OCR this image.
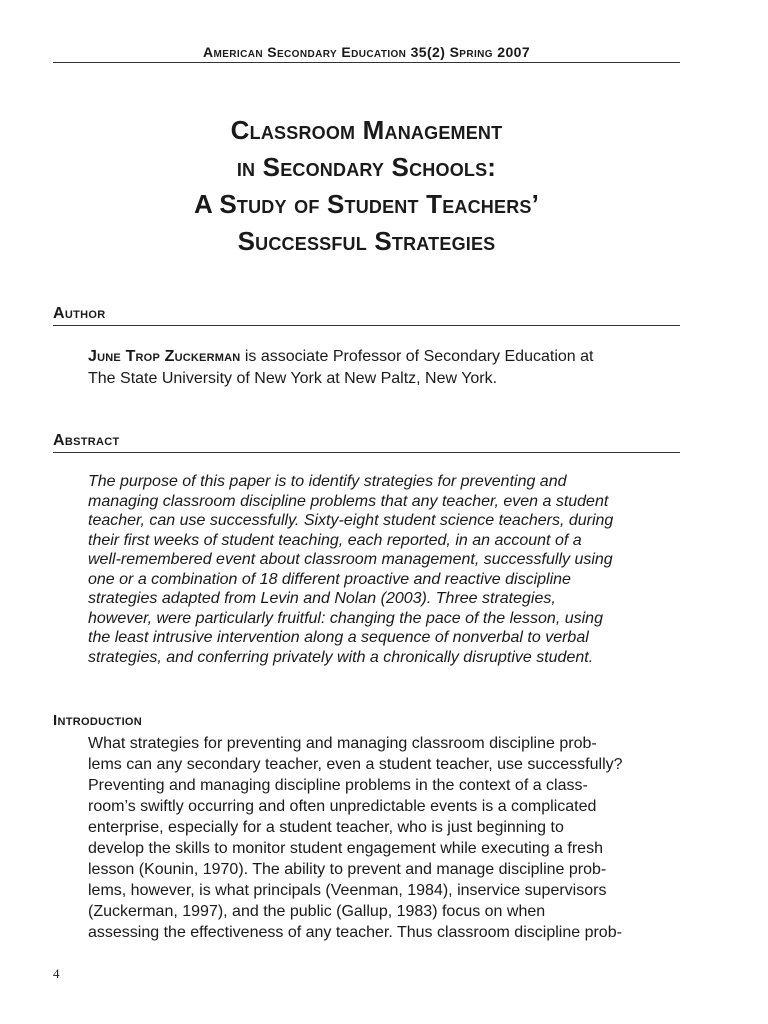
American Secondary Education 35(2) Spring 2007
Classroom Management
in Secondary Schools:
A Study of Student Teachers’
Successful Strategies
Author
June Trop Zuckerman is associate Professor of Secondary Education at
The State University of New York at New Paltz, New York.
Abstract
The purpose of this paper is to identify strategies for preventing and
managing classroom discipline problems that any teacher, even a student
teacher, can use successfully. Sixty-eight student science teachers, during
their first weeks of student teaching, each reported, in an account of a
well-remembered event about classroom management, successfully using
one or a combination of 18 different proactive and reactive discipline
strategies adapted from Levin and Nolan (2003). Three strategies,
however, were particularly fruitful: changing the pace of the lesson, using
the least intrusive intervention along a sequence of nonverbal to verbal
strategies, and conferring privately with a chronically disruptive student.
Introduction
What strategies for preventing and managing classroom discipline prob-
lems can any secondary teacher, even a student teacher, use successfully?
Preventing and managing discipline problems in the context of a class-
room’s swiftly occurring and often unpredictable events is a complicated
enterprise, especially for a student teacher, who is just beginning to
develop the skills to monitor student engagement while executing a fresh
lesson (Kounin, 1970). The ability to prevent and manage discipline prob-
lems, however, is what principals (Veenman, 1984), inservice supervisors
(Zuckerman, 1997), and the public (Gallup, 1983) focus on when
assessing the effectiveness of any teacher. Thus classroom discipline prob-
4
